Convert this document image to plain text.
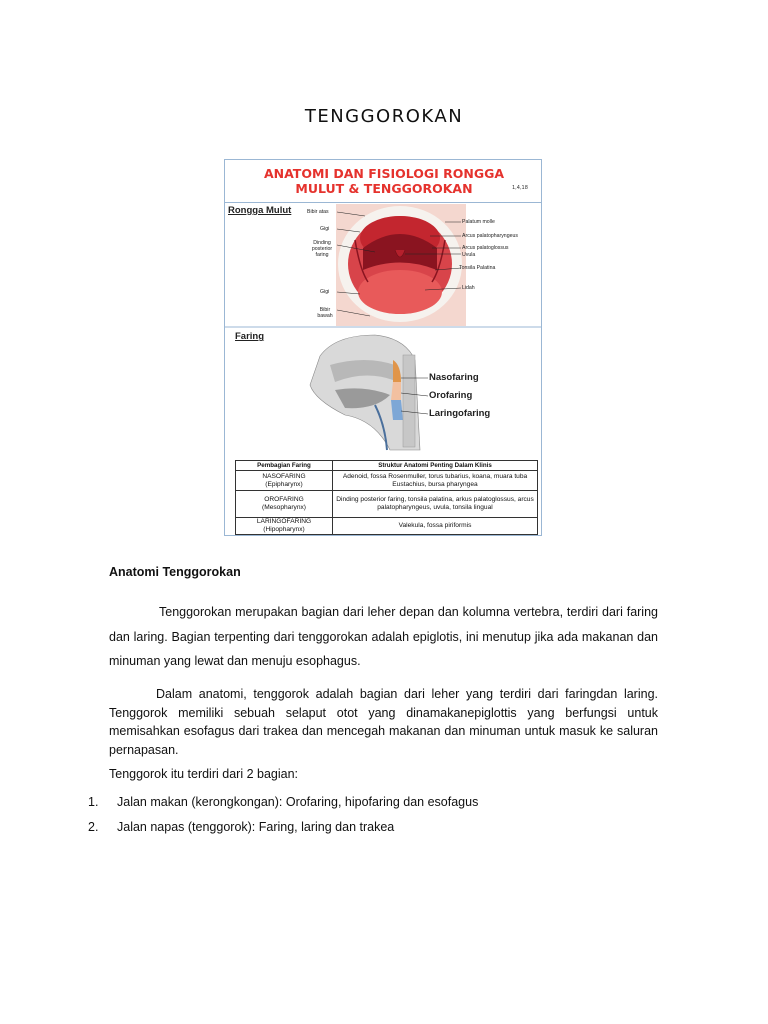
TENGGOROKAN
ANATOMI DAN FISIOLOGI RONGGA
MULUT & TENGGOROKAN	1,4,18
Rongga Mulut	Bibir atas
Gigi
Dinding posterior faring
Gigi
Bibir bawah
Palatum molle
Arcus palatopharyngeus
Arcus palatoglossus
Uvula
Tonsila Palatina
Lidah
Faring
Nasofaring
Orofaring
Laringofaring
Pembagian Faring	Struktur Anatomi Penting Dalam Klinis

NASOFARING
(Epipharynx)	Adenoid, fossa Rosenmuller, torus tubarius, koana, muara tuba Eustachius, bursa pharyngea

OROFARING
(Mesopharynx)	Dinding posterior faring, tonsila palatina, arkus palatoglossus, arcus palatopharyngeus, uvula, tonsila lingual

LARINGOFARING
(Hipopharynx)	Valekula, fossa piriformis
Anatomi Tenggorokan
Tenggorokan merupakan bagian dari leher depan dan kolumna vertebra, terdiri dari faring dan laring. Bagian terpenting dari tenggorokan adalah epiglotis, ini menutup jika ada makanan dan minuman yang lewat dan menuju esophagus.
Dalam anatomi, tenggorok adalah bagian dari leher yang terdiri dari faringdan laring. Tenggorok memiliki sebuah selaput otot yang dinamakanepiglottis yang berfungsi untuk memisahkan esofagus dari trakea dan mencegah makanan dan minuman untuk masuk ke saluran pernapasan.
Tenggorok itu terdiri dari 2 bagian:
1. Jalan makan (kerongkongan): Orofaring, hipofaring dan esofagus
2. Jalan napas (tenggorok): Faring, laring dan trakea
